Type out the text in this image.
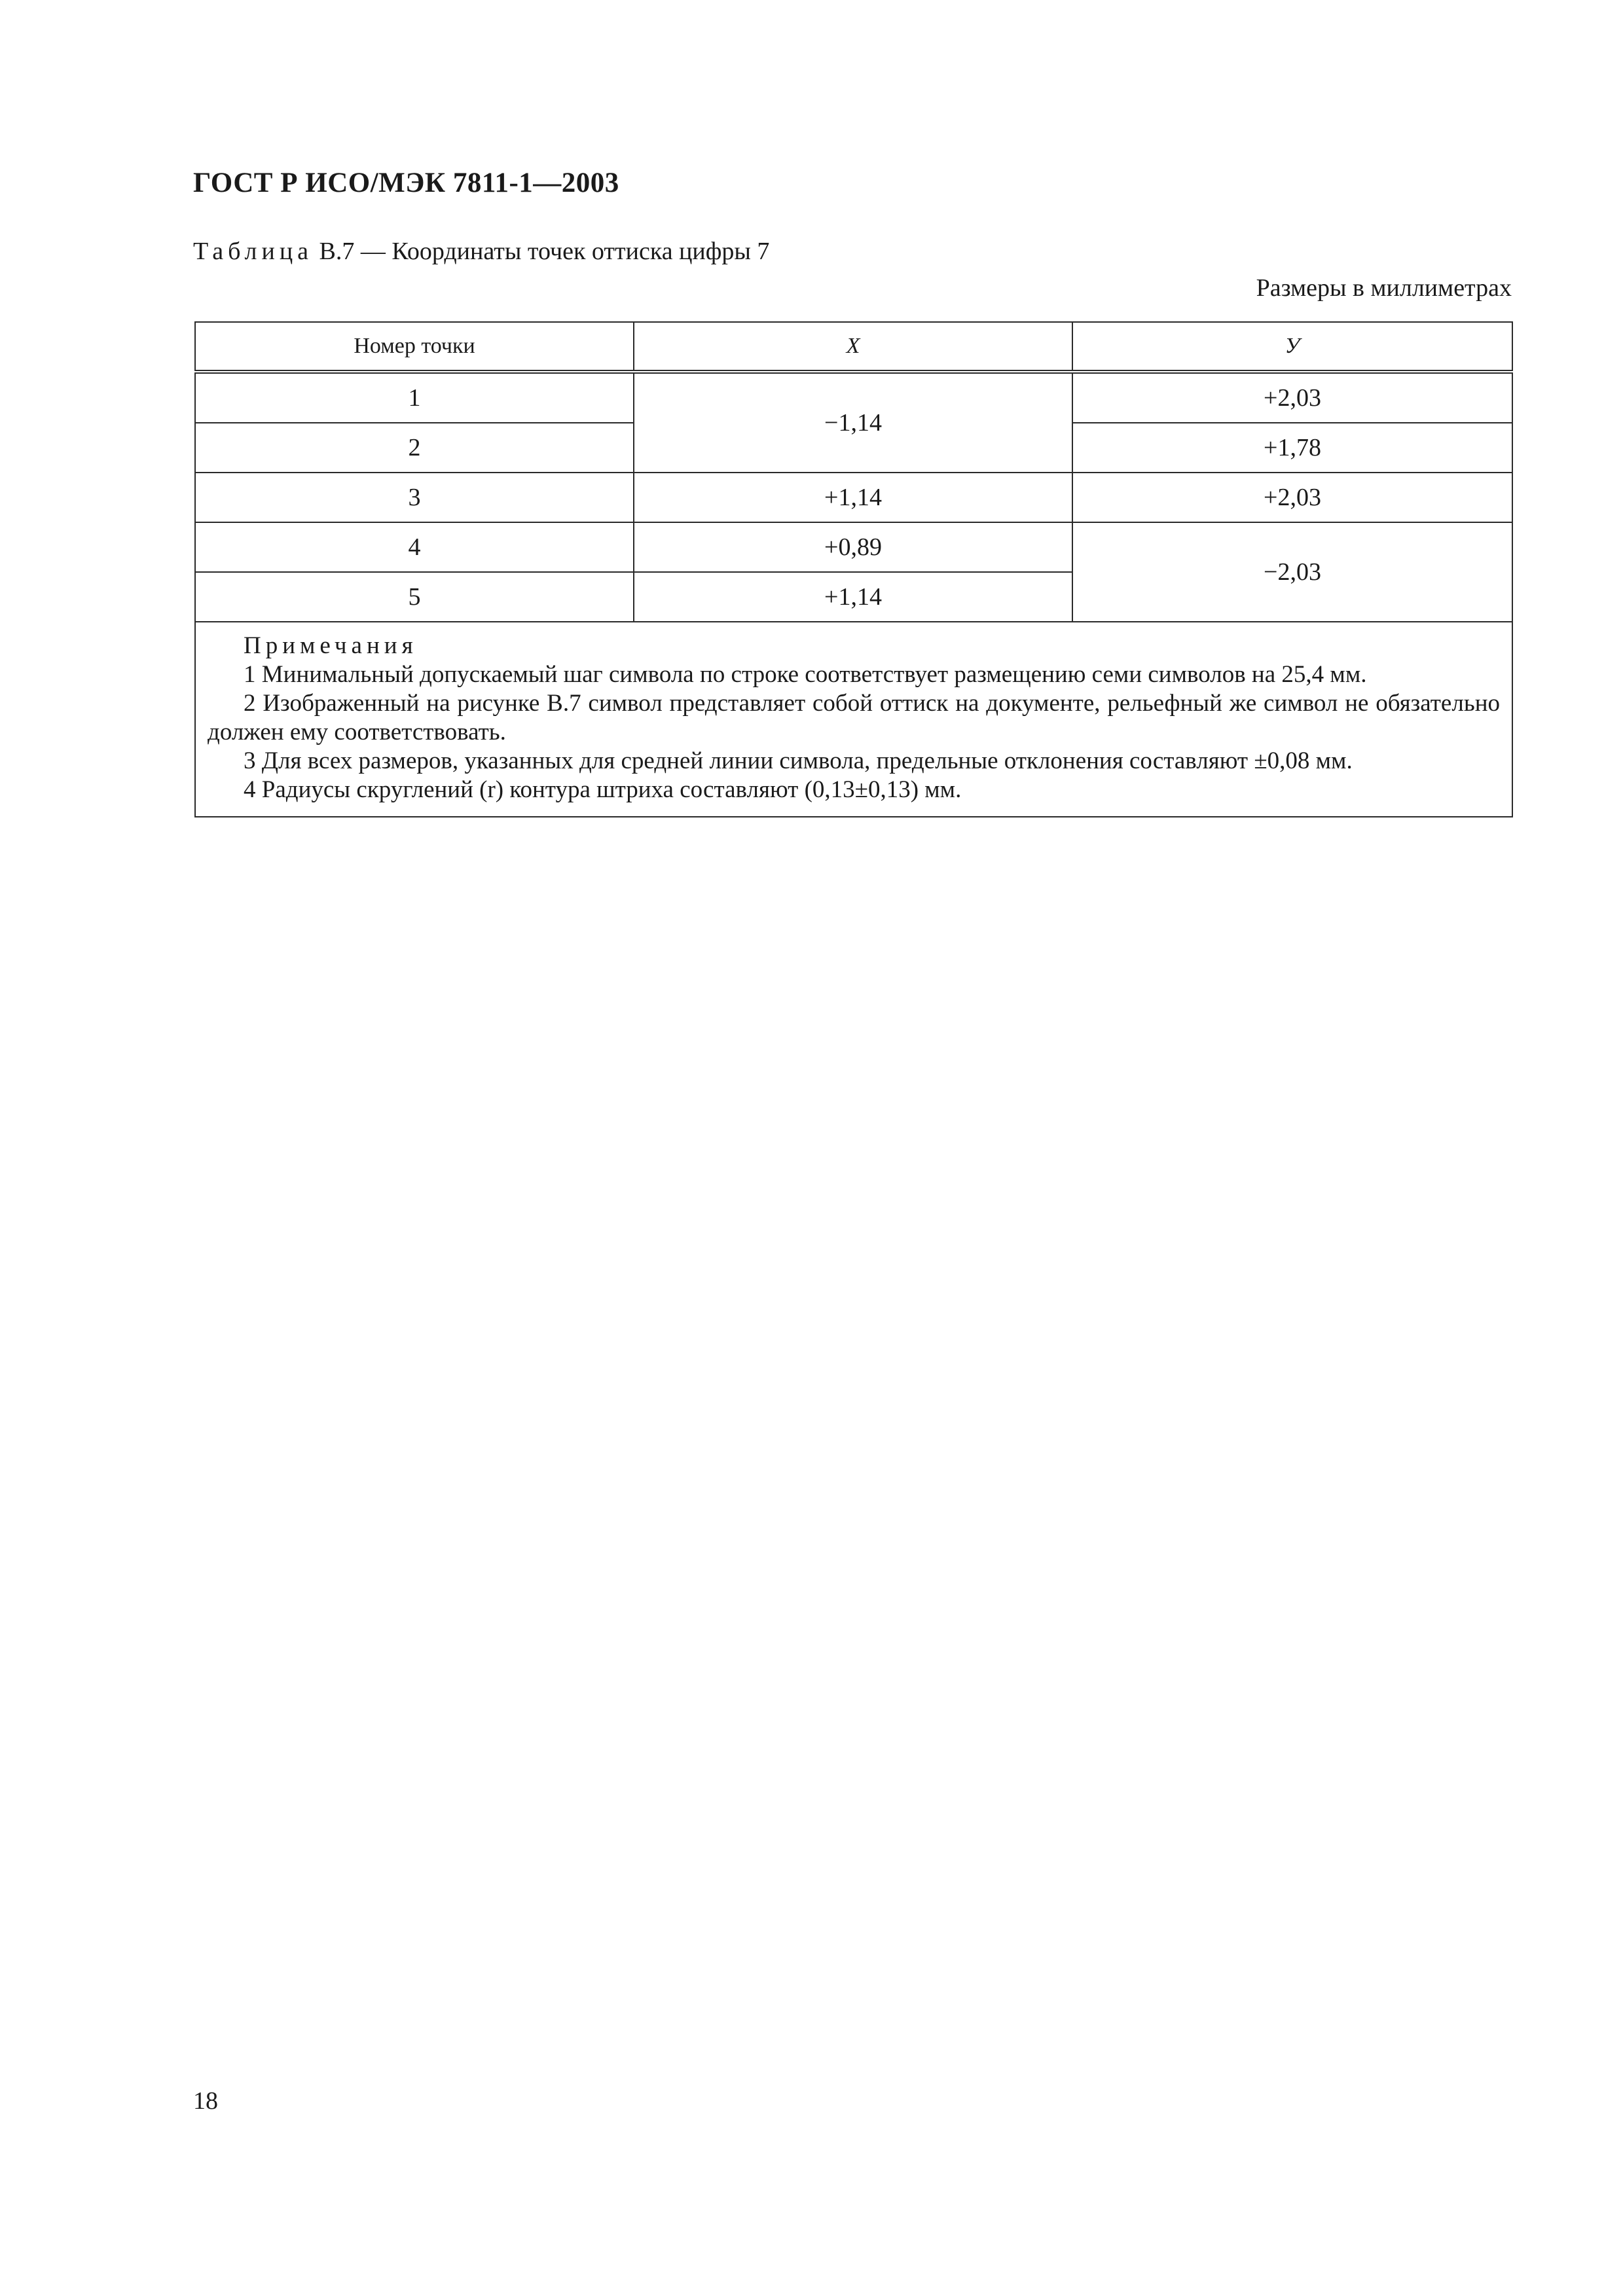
ГОСТ Р ИСО/МЭК 7811-1—2003
Таблица В.7 — Координаты точек оттиска цифры 7
Размеры в миллиметрах
Номер точки	X	У
1	−1,14	+2,03
2		+1,78
3	+1,14	+2,03
4	+0,89	−2,03
5	+1,14	

Примечания
1 Минимальный допускаемый шаг символа по строке соответствует размещению семи символов на 25,4 мм.
2 Изображенный на рисунке В.7 символ представляет собой оттиск на документе, рельефный же символ не обязательно должен ему соответствовать.
3 Для всех размеров, указанных для средней линии символа, предельные отклонения составляют ±0,08 мм.
4 Радиусы скруглений (r) контура штриха составляют (0,13±0,13) мм.		
18
